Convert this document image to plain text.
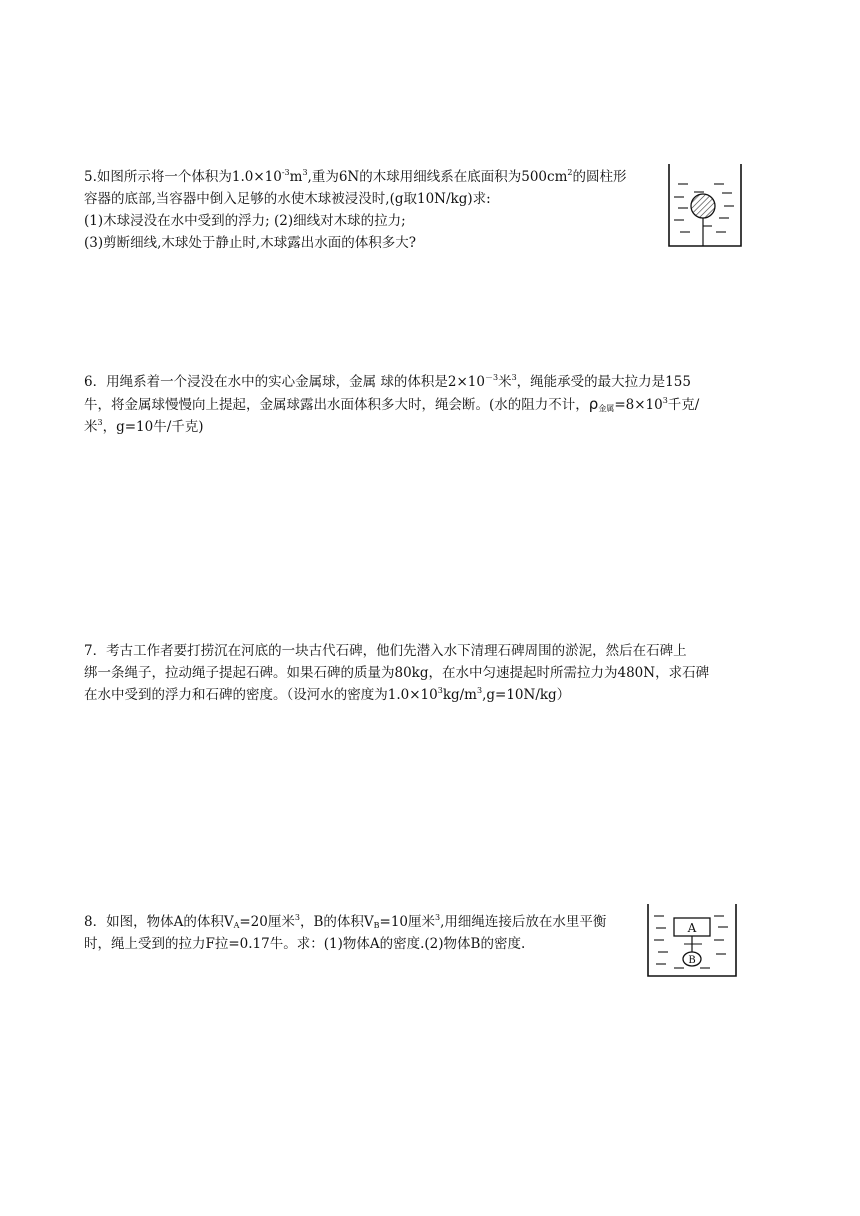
5.如图所示将一个体积为$1.0\times 10^{-3}m^3$,重为6N的木球用细线系在底面积为$500cm^2$的圆柱形

容器的底部,当容器中倒入足够的水使木球被浸没时,(g取10N/kg)求:

(1)木球浸没在水中受到的浮力; (2)细线对木球的拉力;

(3)剪断细线,木球处于静止时,木球露出水面的体积多大?

6．用绳系着一个浸没在水中的实心金属球，金属 球的体积是$2\times 10^{-3}$米$^3$，绳能承受的最大拉力是155

牛，将金属球慢慢向上提起，金属球露出水面体积多大时，绳会断。(水的阻力不计，$\rho_{金属}=8\times 10^3$千克/

米$^3$，g=10牛/千克)

7．考古工作者要打捞沉在河底的一块古代石碑，他们先潜入水下清理石碑周围的淤泥，然后在石碑上

绑一条绳子，拉动绳子提起石碑。如果石碑的质量为80kg，在水中匀速提起时所需拉力为480N，求石碑

在水中受到的浮力和石碑的密度。（设河水的密度为$1.0\times 10^3kg/m^3,g=10N/kg$）

8．如图，物体A的体积$V_A=20$厘米$^3$，B的体积$V_B=10$厘米$^3$,用细绳连接后放在水里平衡

时，绳上受到的拉力F拉=0.17牛。求：(1)物体A的密度.(2)物体B的密度.

A
B
